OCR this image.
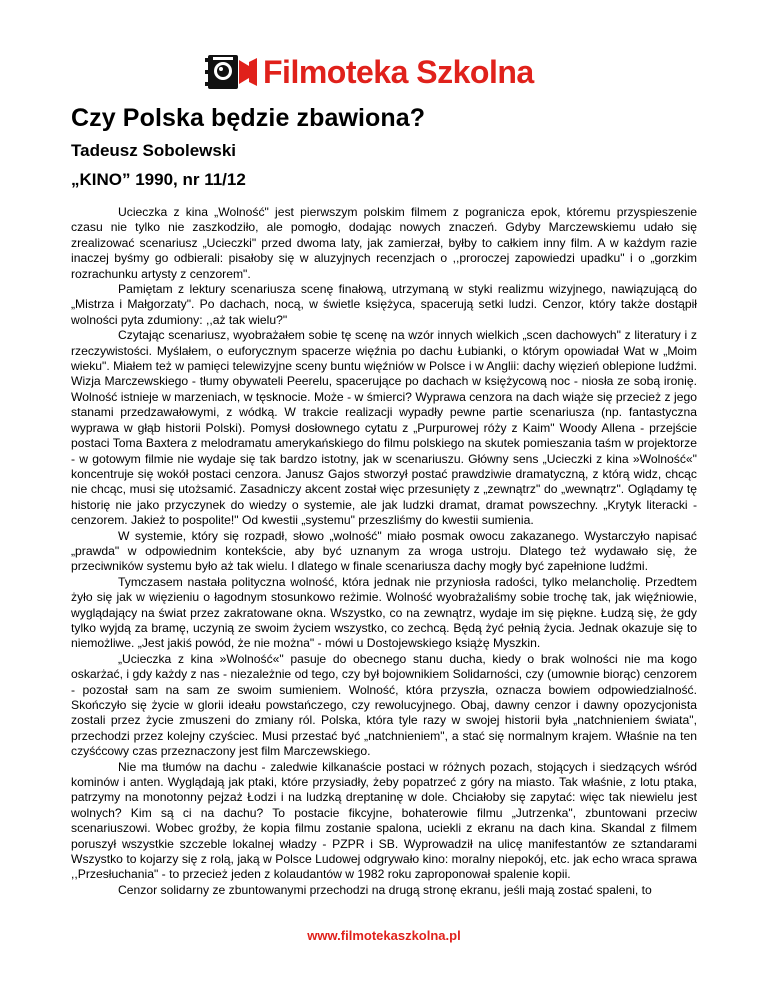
Filmoteka Szkolna
Czy Polska będzie zbawiona?
Tadeusz Sobolewski
„KINO” 1990, nr 11/12

Ucieczka z kina „Wolność" jest pierwszym polskim filmem z pogranicza epok, któremu przyspieszenie czasu nie tylko nie zaszkodziło, ale pomogło, dodając nowych znaczeń. Gdyby Marczewskiemu udało się zrealizować scenariusz „Ucieczki" przed dwoma laty, jak zamierzał, byłby to całkiem inny film. A w każdym razie inaczej byśmy go odbierali: pisałoby się w aluzyjnych recenzjach o ,,proroczej zapowiedzi upadku" i o „gorzkim rozrachunku artysty z cenzorem".

Pamiętam z lektury scenariusza scenę finałową, utrzymaną w styki realizmu wizyjnego, nawiązującą do „Mistrza i Małgorzaty". Po dachach, nocą, w świetle księżyca, spacerują setki ludzi. Cenzor, który także dostąpił wolności pyta zdumiony: ,,aż tak wielu?"

Czytając scenariusz, wyobrażałem sobie tę scenę na wzór innych wielkich „scen dachowych" z literatury i z rzeczywistości. Myślałem, o euforycznym spacerze więźnia po dachu Łubianki, o którym opowiadał Wat w „Moim wieku". Miałem też w pamięci telewizyjne sceny buntu więźniów w Polsce i w Anglii: dachy więzień oblepione ludźmi. Wizja Marczewskiego - tłumy obywateli Peerelu, spacerujące po dachach w księżycową noc - niosła ze sobą ironię. Wolność istnieje w marzeniach, w tęsknocie. Może - w śmierci? Wyprawa cenzora na dach wiąże się przecież z jego stanami przedzawałowymi, z wódką. W trakcie realizacji wypadły pewne partie scenariusza (np. fantastyczna wyprawa w głąb historii Polski). Pomysł dosłownego cytatu z „Purpurowej róży z Kaim" Woody Allena - przejście postaci Toma Baxtera z melodramatu amerykańskiego do filmu polskiego na skutek pomieszania taśm w projektorze - w gotowym filmie nie wydaje się tak bardzo istotny, jak w scenariuszu. Główny sens „Ucieczki z kina »Wolność«" koncentruje się wokół postaci cenzora. Janusz Gajos stworzył postać prawdziwie dramatyczną, z którą widz, chcąc nie chcąc, musi się utożsamić. Zasadniczy akcent został więc przesunięty z „zewnątrz" do „wewnątrz". Oglądamy tę historię nie jako przyczynek do wiedzy o systemie, ale jak ludzki dramat, dramat powszechny. „Krytyk literacki - cenzorem. Jakież to pospolite!" Od kwestii „systemu" przeszliśmy do kwestii sumienia.

W systemie, który się rozpadł, słowo „wolność" miało posmak owocu zakazanego. Wystarczyło napisać „prawda" w odpowiednim kontekście, aby być uznanym za wroga ustroju. Dlatego też wydawało się, że przeciwników systemu było aż tak wielu. I dlatego w finale scenariusza dachy mogły być zapełnione ludźmi.

Tymczasem nastała polityczna wolność, która jednak nie przyniosła radości, tylko melancholię. Przedtem żyło się jak w więzieniu o łagodnym stosunkowo reżimie. Wolność wyobrażaliśmy sobie trochę tak, jak więźniowie, wyglądający na świat przez zakratowane okna. Wszystko, co na zewnątrz, wydaje im się piękne. Łudzą się, że gdy tylko wyjdą za bramę, uczynią ze swoim życiem wszystko, co zechcą. Będą żyć pełnią życia. Jednak okazuje się to niemożliwe. „Jest jakiś powód, że nie można" - mówi u Dostojewskiego książę Myszkin.

„Ucieczka z kina »Wolność«" pasuje do obecnego stanu ducha, kiedy o brak wolności nie ma kogo oskarżać, i gdy każdy z nas - niezależnie od tego, czy był bojownikiem Solidarności, czy (umownie biorąc) cenzorem - pozostał sam na sam ze swoim sumieniem. Wolność, która przyszła, oznacza bowiem odpowiedzialność. Skończyło się życie w glorii ideału powstańczego, czy rewolucyjnego. Obaj, dawny cenzor i dawny opozycjonista zostali przez życie zmuszeni do zmiany ról. Polska, która tyle razy w swojej historii była „natchnieniem świata", przechodzi przez kolejny czyściec. Musi przestać być „natchnieniem", a stać się normalnym krajem. Właśnie na ten czyśćcowy czas przeznaczony jest film Marczewskiego.

Nie ma tłumów na dachu - zaledwie kilkanaście postaci w różnych pozach, stojących i siedzących wśród kominów i anten. Wyglądają jak ptaki, które przysiadły, żeby popatrzeć z góry na miasto. Tak właśnie, z lotu ptaka, patrzymy na monotonny pejzaż Łodzi i na ludzką dreptaninę w dole. Chciałoby się zapytać: więc tak niewielu jest wolnych? Kim są ci na dachu? To postacie fikcyjne, bohaterowie filmu „Jutrzenka", zbuntowani przeciw scenariuszowi. Wobec groźby, że kopia filmu zostanie spalona, uciekli z ekranu na dach kina. Skandal z filmem poruszył wszystkie szczeble lokalnej władzy - PZPR i SB. Wyprowadził na ulicę manifestantów ze sztandarami Wszystko to kojarzy się z rolą, jaką w Polsce Ludowej odgrywało kino: moralny niepokój, etc. jak echo wraca sprawa ,,Przesłuchania" - to przecież jeden z kolaudantów w 1982 roku zaproponował spalenie kopii.

Cenzor solidarny ze zbuntowanymi przechodzi na drugą stronę ekranu, jeśli mają zostać spaleni, to

www.filmotekaszkolna.pl
